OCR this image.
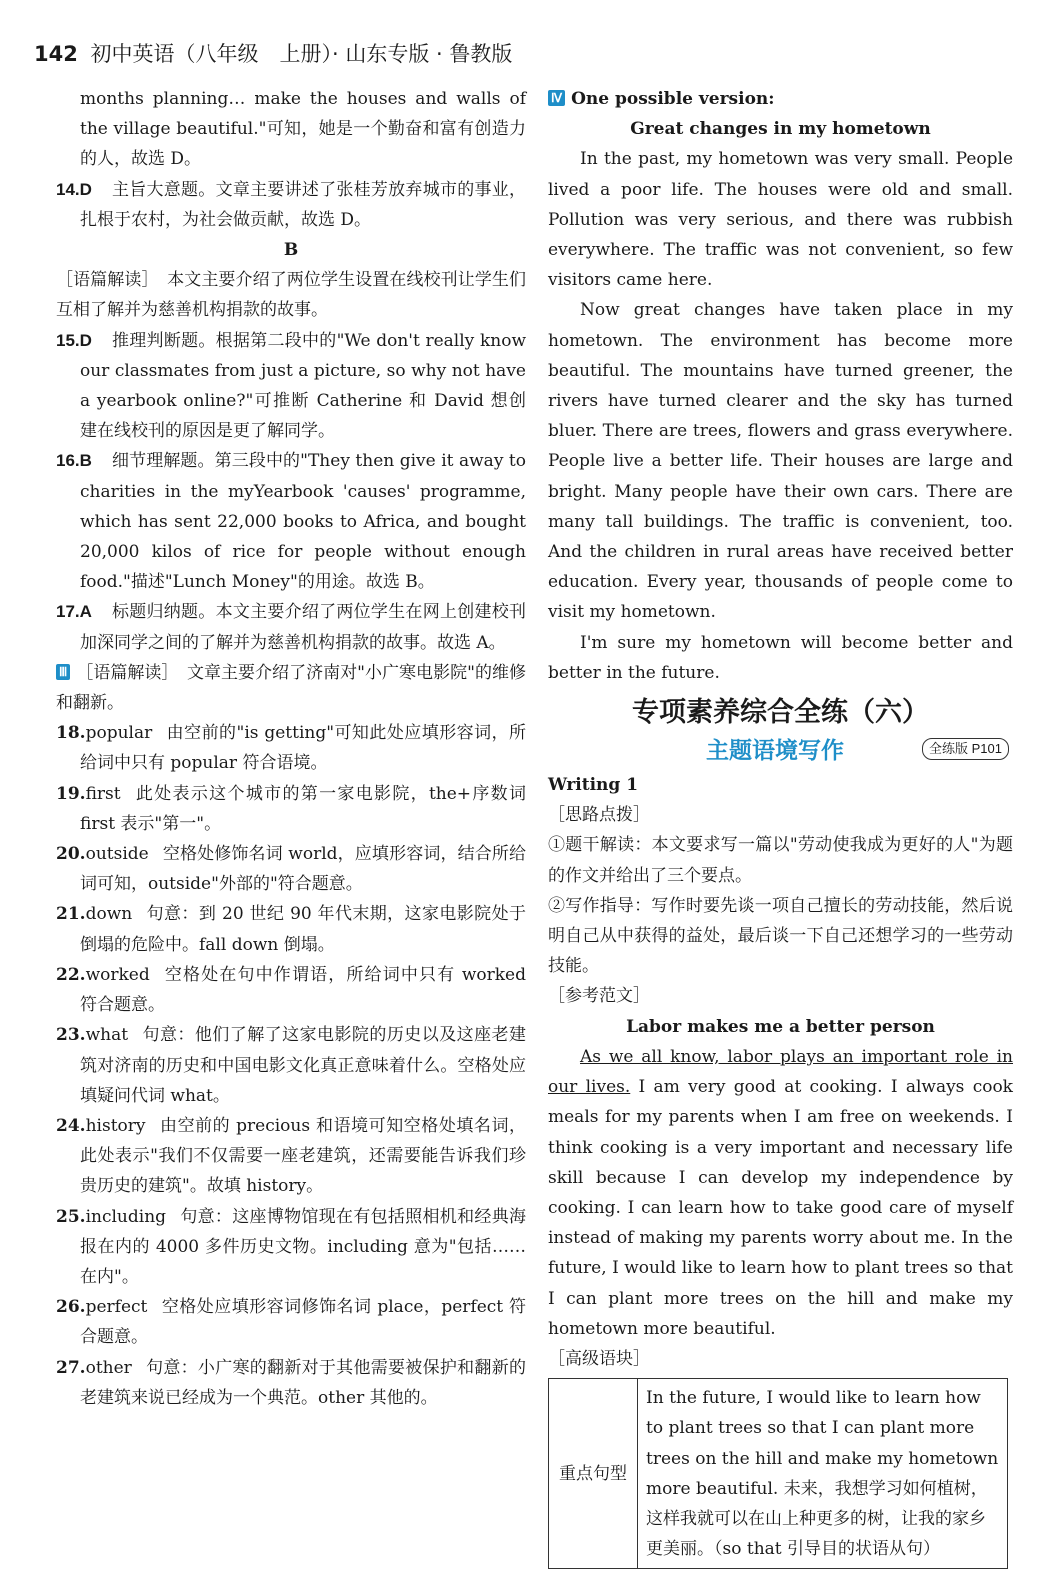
142 初中英语（八年级　上册）· 山东专版 · 鲁教版

months planning… make the houses and walls of the village beautiful."可知，她是一个勤奋和富有创造力的人，故选 D。

14.D 主旨大意题。文章主要讲述了张桂芳放弃城市的事业，扎根于农村，为社会做贡献，故选 D。

B

［语篇解读］　本文主要介绍了两位学生设置在线校刊让学生们互相了解并为慈善机构捐款的故事。

15.D 推理判断题。根据第二段中的"We don't really know our classmates from just a picture, so why not have a yearbook online?"可推断 Catherine 和 David 想创建在线校刊的原因是更了解同学。
16.B 细节理解题。第三段中的"They then give it away to charities in the myYearbook 'causes' programme, which has sent 22,000 books to Africa, and bought 20,000 kilos of rice for people without enough food."描述"Lunch Money"的用途。故选 B。
17.A 标题归纳题。本文主要介绍了两位学生在网上创建校刊加深同学之间的了解并为慈善机构捐款的故事。故选 A。

Ⅲ ［语篇解读］　文章主要介绍了济南对"小广寒电影院"的维修和翻新。

18.popular 由空前的"is getting"可知此处应填形容词，所给词中只有 popular 符合语境。
19.first 此处表示这个城市的第一家电影院，the+序数词 first 表示"第一"。
20.outside 空格处修饰名词 world，应填形容词，结合所给词可知，outside"外部的"符合题意。
21.down 句意：到 20 世纪 90 年代末期，这家电影院处于倒塌的危险中。fall down 倒塌。
22.worked 空格处在句中作谓语，所给词中只有 worked 符合题意。
23.what 句意：他们了解了这家电影院的历史以及这座老建筑对济南的历史和中国电影文化真正意味着什么。空格处应填疑问代词 what。
24.history 由空前的 precious 和语境可知空格处填名词，此处表示"我们不仅需要一座老建筑，还需要能告诉我们珍贵历史的建筑"。故填 history。
25.including 句意：这座博物馆现在有包括照相机和经典海报在内的 4000 多件历史文物。including 意为"包括……在内"。
26.perfect 空格处应填形容词修饰名词 place，perfect 符合题意。
27.other 句意：小广寒的翻新对于其他需要被保护和翻新的老建筑来说已经成为一个典范。other 其他的。

Ⅳ One possible version:

Great changes in my hometown

In the past, my hometown was very small. People lived a poor life. The houses were old and small. Pollution was very serious, and there was rubbish everywhere. The traffic was not convenient, so few visitors came here.

Now great changes have taken place in my hometown. The environment has become more beautiful. The mountains have turned greener, the rivers have turned clearer and the sky has turned bluer. There are trees, flowers and grass everywhere. People live a better life. Their houses are large and bright. Many people have their own cars. There are many tall buildings. The traffic is convenient, too. And the children in rural areas have received better education. Every year, thousands of people come to visit my hometown.

I'm sure my hometown will become better and better in the future.

专项素养综合全练（六）
主题语境写作	全练版 P101

Writing 1

［思路点拨］

①题干解读：本文要求写一篇以"劳动使我成为更好的人"为题的作文并给出了三个要点。

②写作指导：写作时要先谈一项自己擅长的劳动技能，然后说明自己从中获得的益处，最后谈一下自己还想学习的一些劳动技能。

［参考范文］

Labor makes me a better person

As we all know, labor plays an important role in our lives. I am very good at cooking. I always cook meals for my parents when I am free on weekends. I think cooking is a very important and necessary life skill because I can develop my independence by cooking. I can learn how to take good care of myself instead of making my parents worry about me. In the future, I would like to learn how to plant trees so that I can plant more trees on the hill and make my hometown more beautiful.

［高级语块］

重点句型	In the future, I would like to learn how to plant trees so that I can plant more trees on the hill and make my hometown more beautiful. 未来，我想学习如何植树，这样我就可以在山上种更多的树，让我的家乡更美丽。（so that 引导目的状语从句）
